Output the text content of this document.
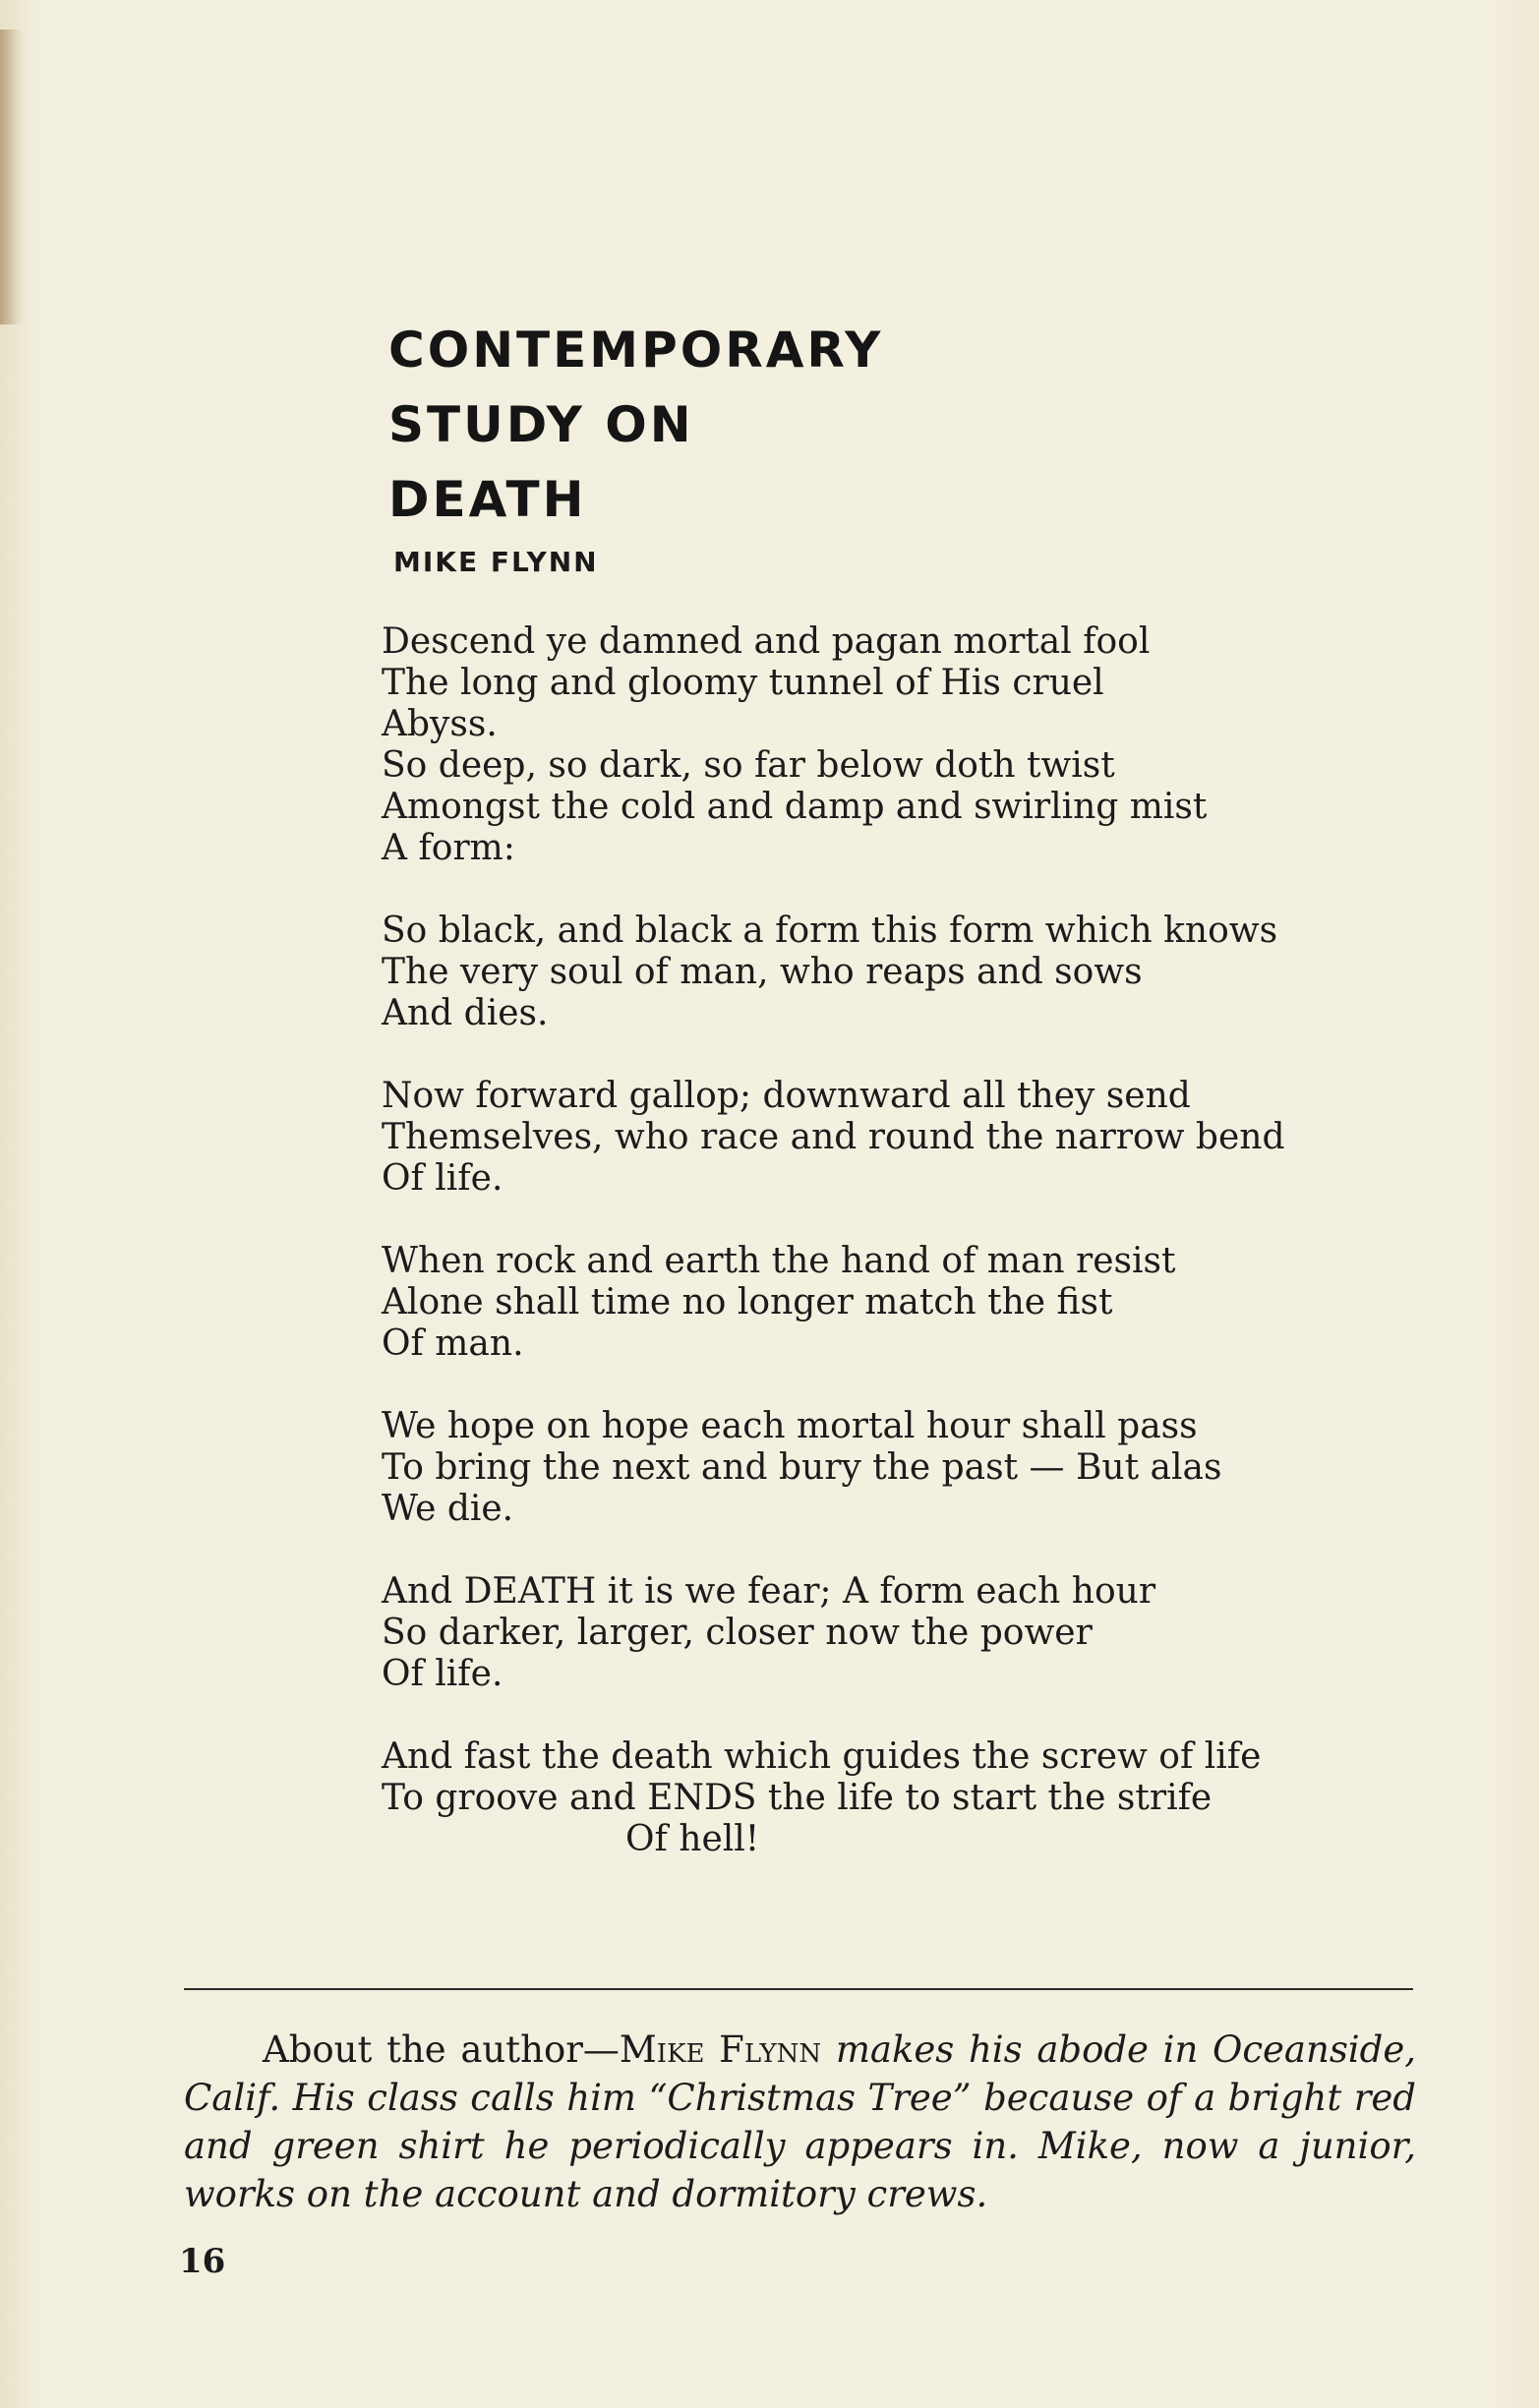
CONTEMPORARY
STUDY ON
DEATH
MIKE FLYNN
Descend ye damned and pagan mortal fool
The long and gloomy tunnel of His cruel
Abyss.
So deep, so dark, so far below doth twist
Amongst the cold and damp and swirling mist
A form:
So black, and black a form this form which knows
The very soul of man, who reaps and sows
And dies.
Now forward gallop; downward all they send
Themselves, who race and round the narrow bend
Of life.
When rock and earth the hand of man resist
Alone shall time no longer match the fist
Of man.
We hope on hope each mortal hour shall pass
To bring the next and bury the past — But alas
We die.
And DEATH it is we fear; A form each hour
So darker, larger, closer now the power
Of life.
And fast the death which guides the screw of life
To groove and ENDS the life to start the strife
Of hell!

About the author—Mike Flynn makes his abode in Oceanside, Calif. His class calls him “Christmas Tree” because of a bright red and green shirt he periodically appears in. Mike, now a junior, works on the account and dormitory crews.

16
